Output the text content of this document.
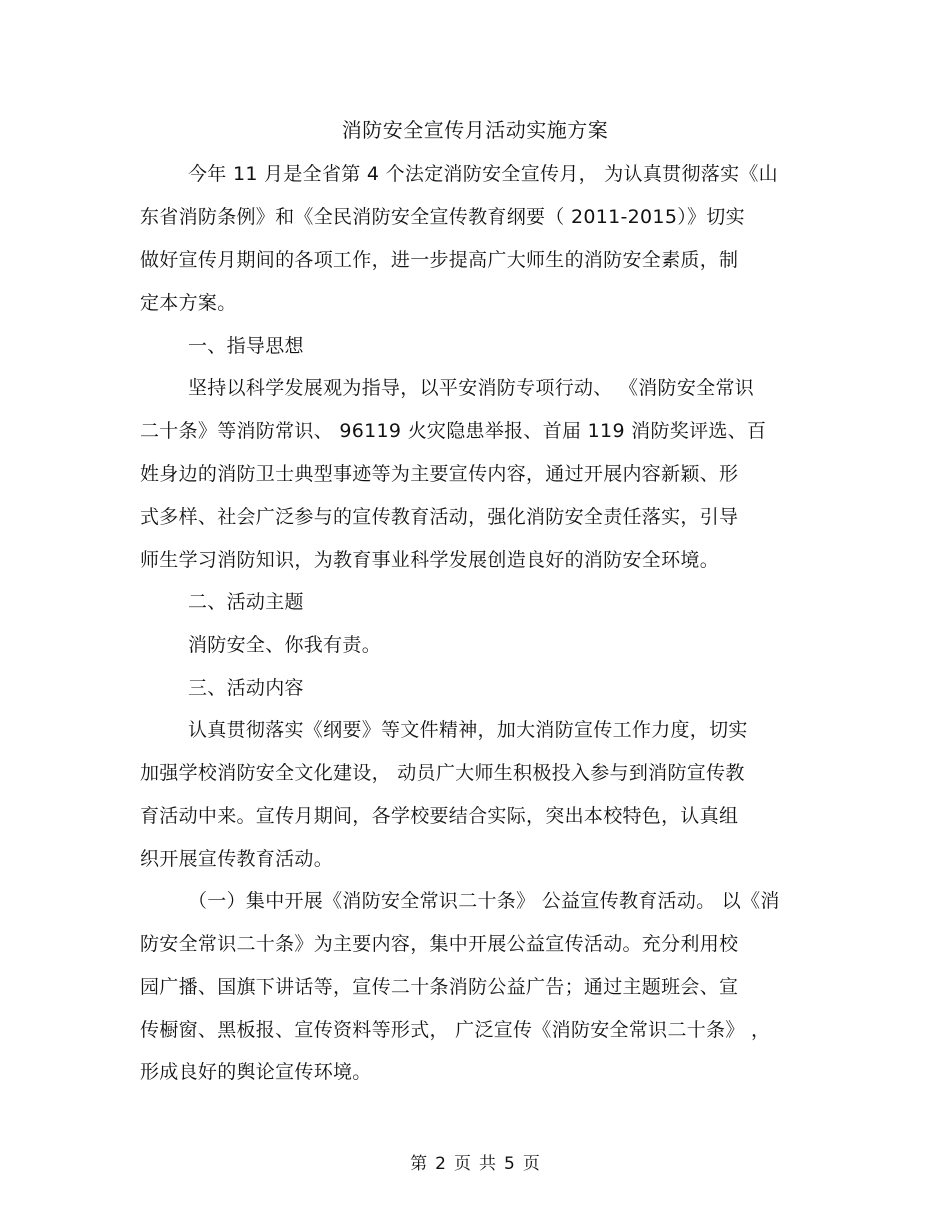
消防安全宣传月活动实施方案
今年 11 月是全省第 4 个法定消防安全宣传月， 为认真贯彻落实《山
东省消防条例》和《全民消防安全宣传教育纲要（ 2011-2015）》切实
做好宣传月期间的各项工作，进一步提高广大师生的消防安全素质，制
定本方案。
一、指导思想
坚持以科学发展观为指导，以平安消防专项行动、 《消防安全常识
二十条》等消防常识、 96119 火灾隐患举报、首届 119 消防奖评选、百
姓身边的消防卫士典型事迹等为主要宣传内容，通过开展内容新颖、形
式多样、社会广泛参与的宣传教育活动，强化消防安全责任落实，引导
师生学习消防知识，为教育事业科学发展创造良好的消防安全环境。
二、活动主题
消防安全、你我有责。
三、活动内容
认真贯彻落实《纲要》等文件精神，加大消防宣传工作力度，切实
加强学校消防安全文化建设， 动员广大师生积极投入参与到消防宣传教
育活动中来。宣传月期间，各学校要结合实际，突出本校特色，认真组
织开展宣传教育活动。
（一）集中开展《消防安全常识二十条》 公益宣传教育活动。 以《消
防安全常识二十条》为主要内容，集中开展公益宣传活动。充分利用校
园广播、国旗下讲话等，宣传二十条消防公益广告；通过主题班会、宣
传橱窗、黑板报、宣传资料等形式， 广泛宣传《消防安全常识二十条》 ，
形成良好的舆论宣传环境。
第 2 页 共 5 页
